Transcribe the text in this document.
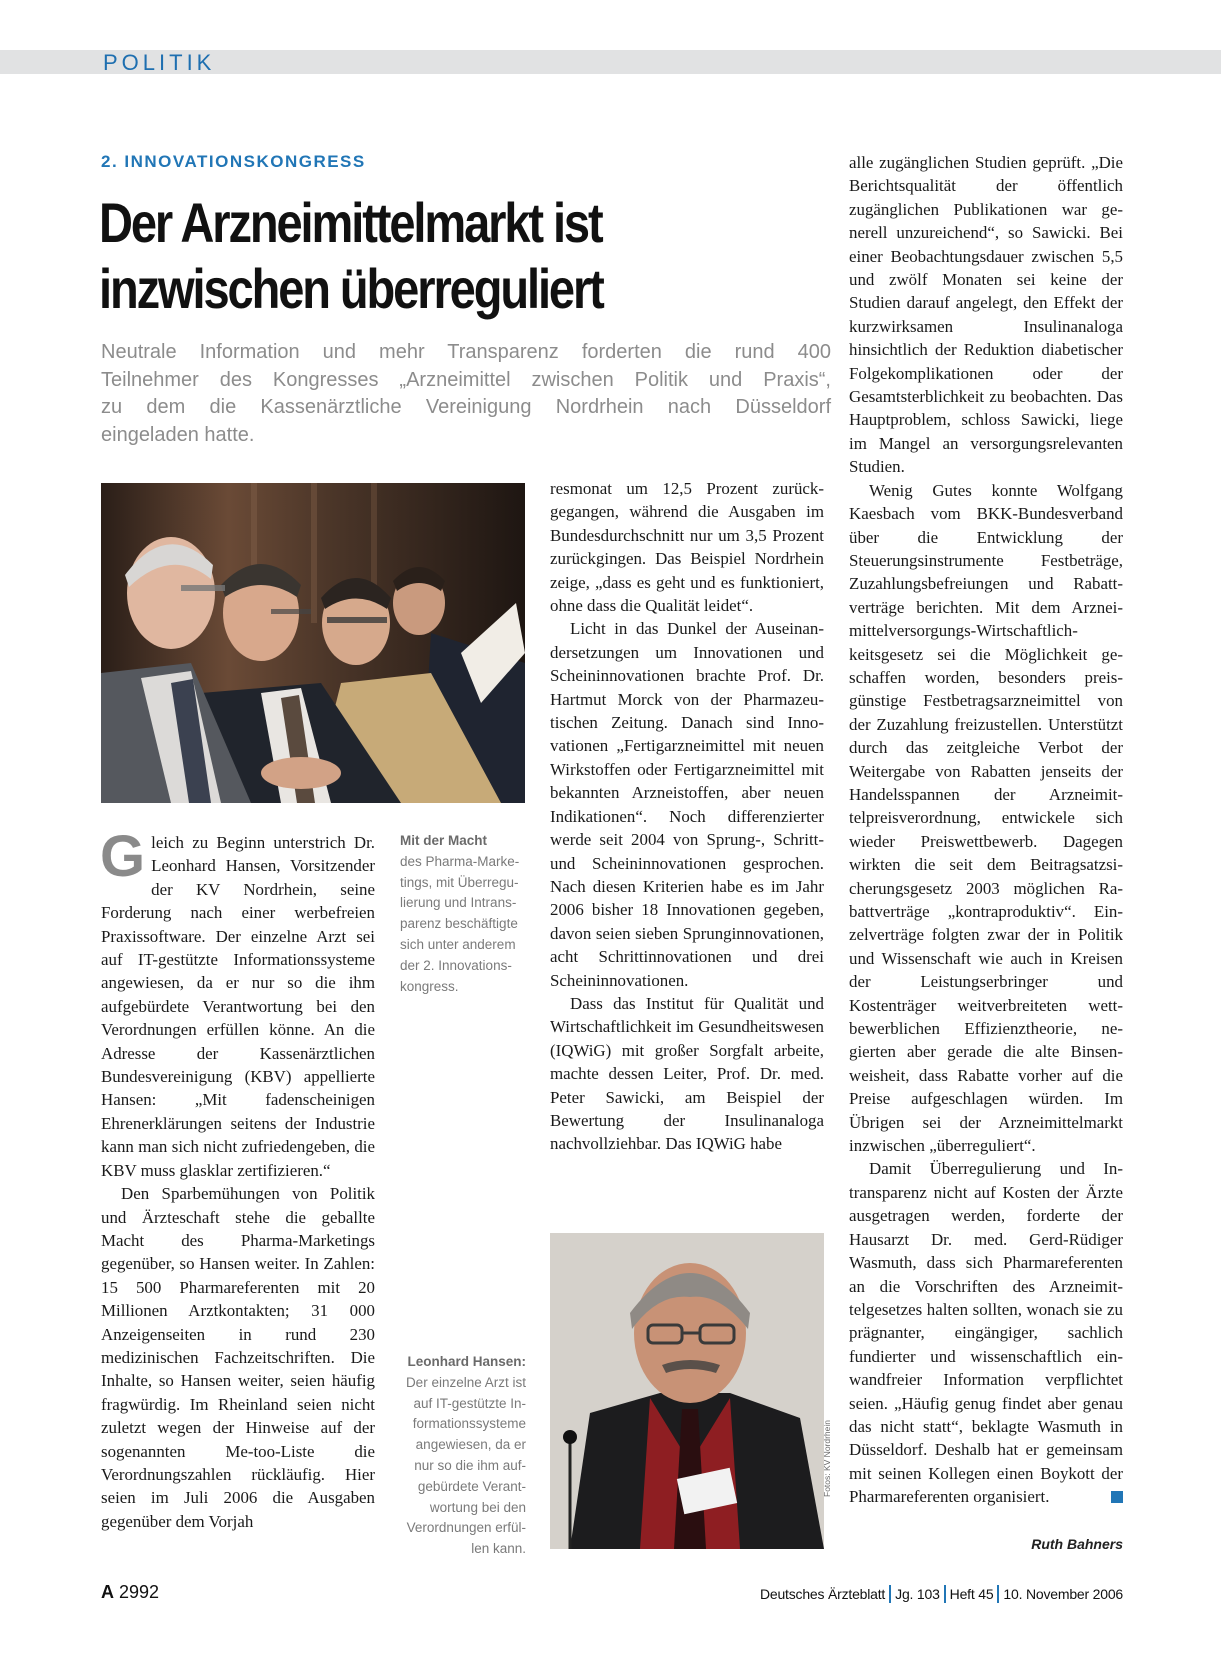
POLITIK
2. INNOVATIONSKONGRESS
Der Arzneimittelmarkt ist
inzwischen überreguliert
Neutrale Information und mehr Transparenz forderten die rund 400
Teilnehmer des Kongresses „Arzneimittel zwischen Politik und Praxis“,
zu dem die Kassenärztliche Vereinigung Nordrhein nach Düsseldorf
eingeladen hatte.
Fotos: KV Nordrhein

Gleich zu Beginn unterstrich Dr. Leonhard Hansen, Vorsitzender der KV Nordrhein, seine Forderung nach einer werbefreien Praxissoftware. Der einzelne Arzt sei auf IT-gestützte Informationssysteme angewiesen, da er nur so die ihm aufgebürdete Verantwortung bei den Verordnungen erfüllen könne. An die Adresse der Kassenärztlichen Bundesvereinigung (KBV) appellierte Hansen: „Mit fadenscheinigen Ehrenerklärungen seitens der Industrie kann man sich nicht zufriedengeben, die KBV muss glasklar zertifizieren.“

Den Sparbemühungen von Politik und Ärzteschaft stehe die geballte Macht des Pharma-Marketings gegenüber, so Hansen weiter. In Zahlen: 15 500 Pharmareferenten mit 20 Millionen Arztkontakten; 31 000 Anzeigenseiten in rund 230 medizinischen Fachzeitschriften. Die Inhalte, so Hansen weiter, seien häufig fragwürdig. Im Rheinland seien nicht zuletzt wegen der Hinweise auf der sogenannten Me-too-Liste die Verordnungszahlen rückläufig. Hier seien im Juli 2006 die Ausgaben gegenüber dem Vorjah

Mit der Macht
des Pharma-Marketings, mit Überregulierung und Intransparenz beschäftigte sich unter anderem der 2. Innovationskongress.
Leonhard Hansen:
Der einzelne Arzt ist auf IT-gestützte Informationssysteme angewiesen, da er nur so die ihm aufgebürdete Verantwortung bei den Verordnungen erfüllen kann.

resmonat um 12,5 Prozent zurückgegangen, während die Ausgaben im Bundesdurchschnitt nur um 3,5 Prozent zurückgingen. Das Beispiel Nordrhein zeige, „dass es geht und es funktioniert, ohne dass die Qualität leidet“.

Licht in das Dunkel der Auseinandersetzungen um Innovationen und Scheininnovationen brachte Prof. Dr. Hartmut Morck von der Pharmazeutischen Zeitung. Danach sind Innovationen „Fertigarzneimittel mit neuen Wirkstoffen oder Fertigarzneimittel mit bekannten Arzneistoffen, aber neuen Indikationen“. Noch differenzierter werde seit 2004 von Sprung-, Schritt- und Scheininnovationen gesprochen. Nach diesen Kriterien habe es im Jahr 2006 bisher 18 Innovationen gegeben, davon seien sieben Sprunginnovationen, acht Schrittinnovationen und drei Scheininnovationen.

Dass das Institut für Qualität und Wirtschaftlichkeit im Gesundheitswesen (IQWiG) mit großer Sorgfalt arbeite, machte dessen Leiter, Prof. Dr. med. Peter Sawicki, am Beispiel der Bewertung der Insulinanaloga nachvollziehbar. Das IQWiG habe

alle zugänglichen Studien geprüft. „Die Berichtsqualität der öffentlich zugänglichen Publikationen war generell unzureichend“, so Sawicki. Bei einer Beobachtungsdauer zwischen 5,5 und zwölf Monaten sei keine der Studien darauf angelegt, den Effekt der kurzwirksamen Insulinanaloga hinsichtlich der Reduktion diabetischer Folgekomplikationen oder der Gesamtsterblichkeit zu beobachten. Das Hauptproblem, schloss Sawicki, liege im Mangel an versorgungsrelevanten Studien.

Wenig Gutes konnte Wolfgang Kaesbach vom BKK-Bundesverband über die Entwicklung der Steuerungsinstrumente Festbeträge, Zuzahlungsbefreiungen und Rabattverträge berichten. Mit dem Arzneimittelversorgungs-Wirtschaftlichkeitsgesetz sei die Möglichkeit geschaffen worden, besonders preisgünstige Festbetragsarzneimittel von der Zuzahlung freizustellen. Unterstützt durch das zeitgleiche Verbot der Weitergabe von Rabatten jenseits der Handelsspannen der Arzneimittelpreisverordnung, entwickele sich wieder Preiswettbewerb. Dagegen wirkten die seit dem Beitragsatzsicherungsgesetz 2003 möglichen Rabattverträge „kontraproduktiv“. Einzelverträge folgten zwar der in Politik und Wissenschaft wie auch in Kreisen der Leistungserbringer und Kostenträger weitverbreiteten wettbewerblichen Effizienztheorie, negierten aber gerade die alte Binsenweisheit, dass Rabatte vorher auf die Preise aufgeschlagen würden. Im Übrigen sei der Arzneimittelmarkt inzwischen „überreguliert“.

Damit Überregulierung und Intransparenz nicht auf Kosten der Ärzte ausgetragen werden, forderte der Hausarzt Dr. med. Gerd-Rüdiger Wasmuth, dass sich Pharmareferenten an die Vorschriften des Arzneimittelgesetzes halten sollten, wonach sie zu prägnanter, eingängiger, sachlich fundierter und wissenschaftlich einwandfreier Information verpflichtet seien. „Häufig genug findet aber genau das nicht statt“, beklagte Wasmuth in Düsseldorf. Deshalb hat er gemeinsam mit seinen Kollegen einen Boykott der Pharmareferenten organisiert.

Ruth Bahners
A 2992	Deutsches Ärzteblatt Jg. 103 Heft 45 10. November 2006
